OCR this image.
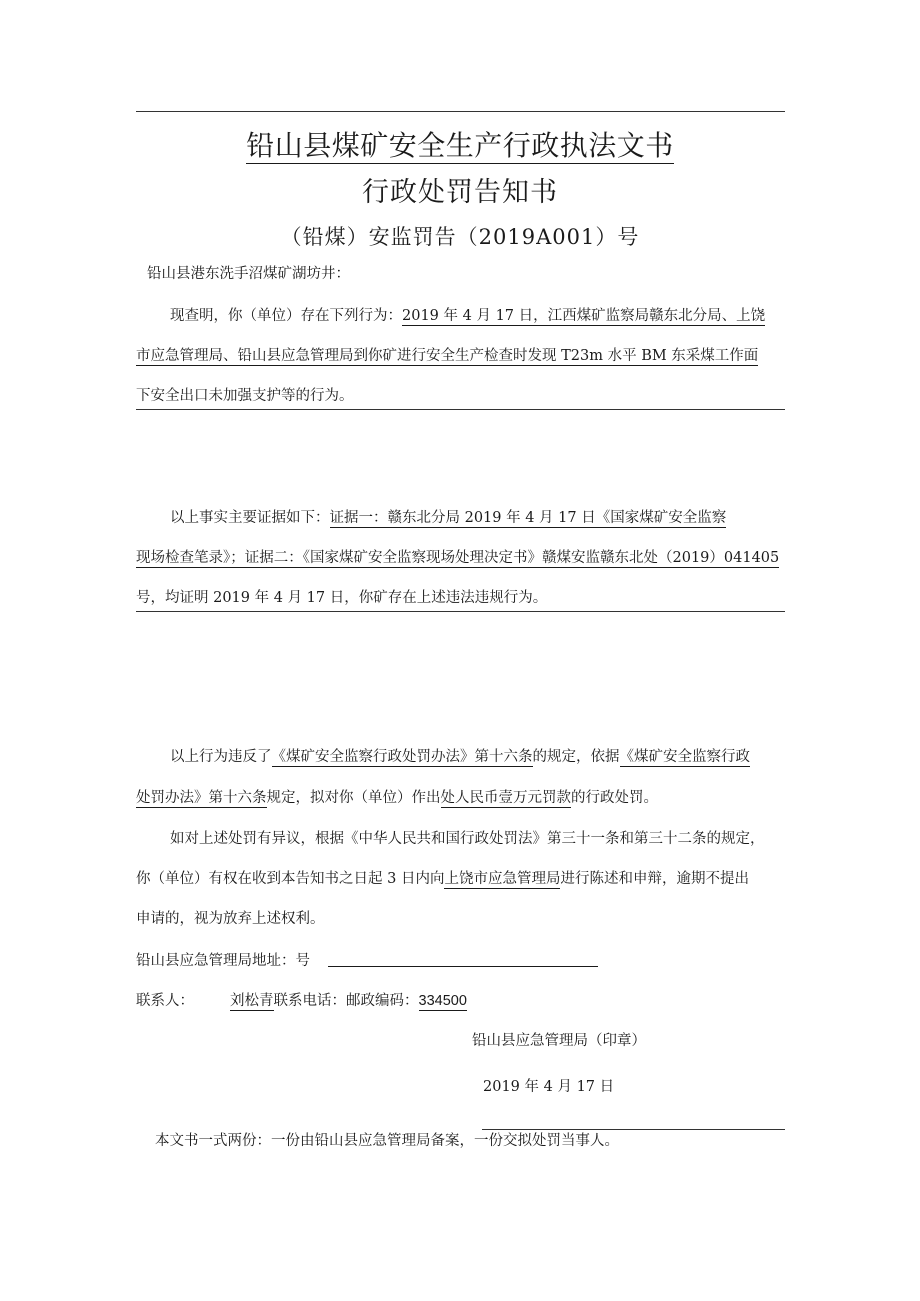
铅山县煤矿安全生产行政执法文书
行政处罚告知书
（铅煤）安监罚告（2019A001）号
铅山县港东洗手沼煤矿湖坊井：
现查明，你（单位）存在下列行为：2019 年 4 月 17 日，江西煤矿监察局赣东北分局、上饶
市应急管理局、铅山县应急管理局到你矿进行安全生产检查时发现 T23m 水平 BM 东采煤工作面
下安全出口未加强支护等的行为。
以上事实主要证据如下：证据一：赣东北分局 2019 年 4 月 17 日《国家煤矿安全监察
现场检查笔录》；证据二：《国家煤矿安全监察现场处理决定书》赣煤安监赣东北处（2019）041405
号，均证明 2019 年 4 月 17 日，你矿存在上述违法违规行为。
以上行为违反了《煤矿安全监察行政处罚办法》第十六条的规定，依据《煤矿安全监察行政
处罚办法》第十六条规定，拟对你（单位）作出处人民币壹万元罚款的行政处罚。
如对上述处罚有异议，根据《中华人民共和国行政处罚法》第三十一条和第三十二条的规定，
你（单位）有权在收到本告知书之日起 3 日内向上饶市应急管理局进行陈述和申辩，逾期不提出
申请的，视为放弃上述权利。
铅山县应急管理局地址：号
联系人： 刘松青联系电话：邮政编码：334500
铅山县应急管理局（印章）
2019 年 4 月 17 日
本文书一式两份：一份由铅山县应急管理局备案，一份交拟处罚当事人。
